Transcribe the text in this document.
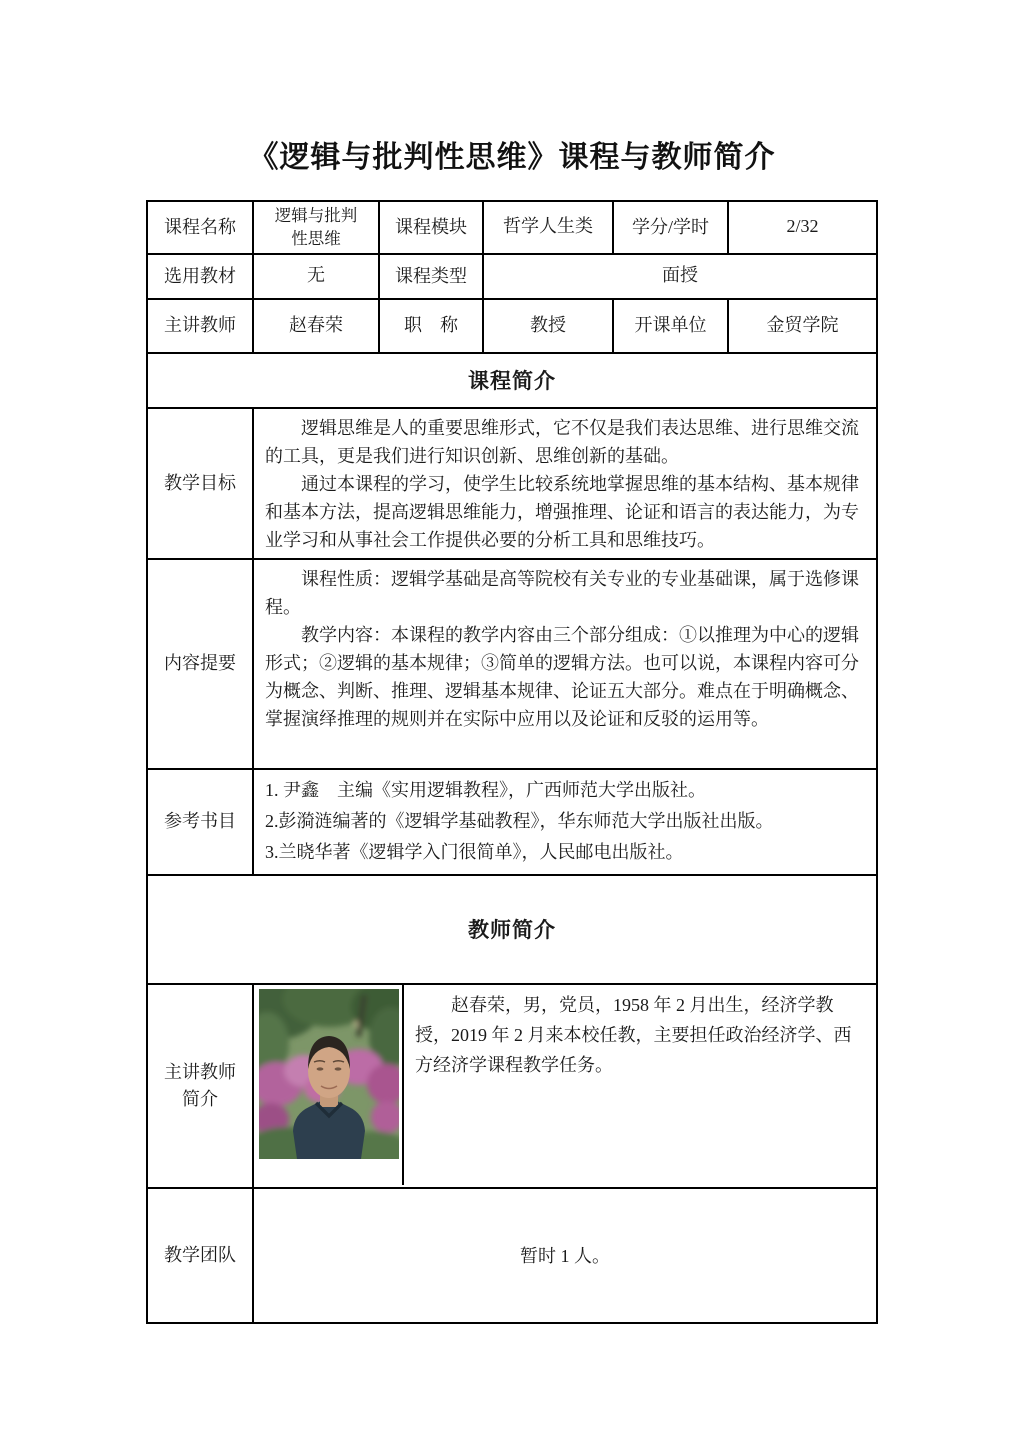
《逻辑与批判性思维》课程与教师简介
课程名称	逻辑与批判性思维	课程模块	哲学人生类	学分/学时	2/32
选用教材	无	课程类型	面授		
主讲教师	赵春荣	职　称	教授	开课单位	金贸学院
课程简介					
教学目标	逻辑思维是人的重要思维形式，它不仅是我们表达思维、进行思维交流的工具，更是我们进行知识创新、思维创新的基础。

通过本课程的学习，使学生比较系统地掌握思维的基本结构、基本规律和基本方法，提高逻辑思维能力，增强推理、论证和语言的表达能力，为专业学习和从事社会工作提供必要的分析工具和思维技巧。				

内容提要	课程性质：逻辑学基础是高等院校有关专业的专业基础课，属于选修课程。

教学内容：本课程的教学内容由三个部分组成：①以推理为中心的逻辑形式；②逻辑的基本规律；③简单的逻辑方法。也可以说，本课程内容可分为概念、判断、推理、逻辑基本规律、论证五大部分。难点在于明确概念、掌握演绎推理的规则并在实际中应用以及论证和反驳的运用等。				

参考书目	1. 尹鑫　主编《实用逻辑教程》，广西师范大学出版社。
2.彭漪涟编著的《逻辑学基础教程》，华东师范大学出版社出版。
3.兰晓华著《逻辑学入门很简单》，人民邮电出版社。				

教师简介					
主讲教师简介	赵春荣，男，党员，1958 年 2 月出生，经济学教授，2019 年 2 月来本校任教，主要担任政治经济学、西方经济学课程教学任务。				

教学团队	暂时 1 人。				
